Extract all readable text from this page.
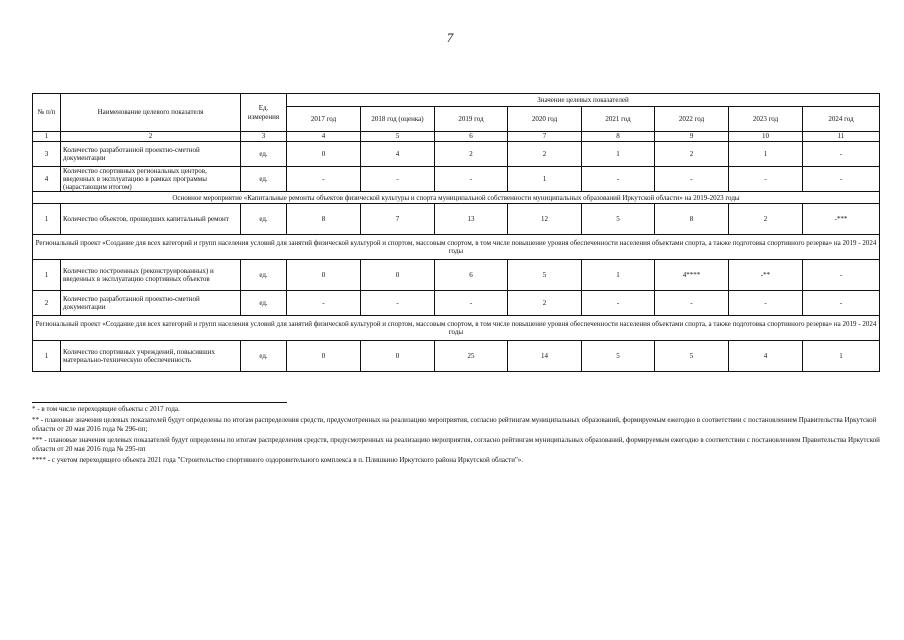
7
№ п/п	Наименование целевого показателя	Ед. измерения	Значение целевых показателей							
			2017 год	2018 год (оценка)	2019 год	2020 год	2021 год	2022 год	2023 год	2024 год
1	2	3	4	5	6	7	8	9	10	11
3	Количество разработанной проектно-сметной документации	ед.	0	4	2	2	1	2	1	-
4	Количество спортивных региональных центров, введенных в эксплуатацию в рамках программы (нарастающим итогом)	ед.	-	-	-	1	-	-	-	-
Основное мероприятие «Капитальные ремонты объектов физической культуры и спорта муниципальной собственности муниципальных образований Иркутской области» на 2019-2023 годы										
1	Количество объектов, прошедших капитальный ремонт	ед.	8	7	13	12	5	8	2	-***
Региональный проект «Создание для всех категорий и групп населения условий для занятий физической культурой и спортом, массовым спортом, в том числе повышение уровня обеспеченности населения объектами спорта, а также подготовка спортивного резерва» на 2019 - 2024 годы										
1	Количество построенных (реконструированных) и введенных в эксплуатацию спортивных объектов	ед.	0	0	6	5	1	4****	-**	-
2	Количество разработанной проектно-сметной документации	ед.	-	-	-	2	-	-	-	-
Региональный проект «Создание для всех категорий и групп населения условий для занятий физической культурой и спортом, массовым спортом, в том числе повышение уровня обеспеченности населения объектами спорта, а также подготовка спортивного резерва» на 2019 - 2024 годы										
1	Количество спортивных учреждений, повысивших материально-техническую обеспеченность	ед.	0	0	25	14	5	5	4	1

* - в том числе переходящие объекты с 2017 года.

** - плановые значения целевых показателей будут определены по итогам распределения средств, предусмотренных на реализацию мероприятия, согласно рейтингам муниципальных образований, формируемым ежегодно в соответствии с постановлением Правительства Иркутской области от 20 мая 2016 года № 296-пп;

*** - плановые значения целевых показателей будут определены по итогам распределения средств, предусмотренных на реализацию мероприятия, согласно рейтингам муниципальных образований, формируемым ежегодно в соответствии с постановлением Правительства Иркутской области от 20 мая 2016 года № 295-пп

**** - с учетом переходящего объекта 2021 года "Строительство спортивного оздоровительного комплекса в п. Плишкино Иркутского района Иркутской области"».
